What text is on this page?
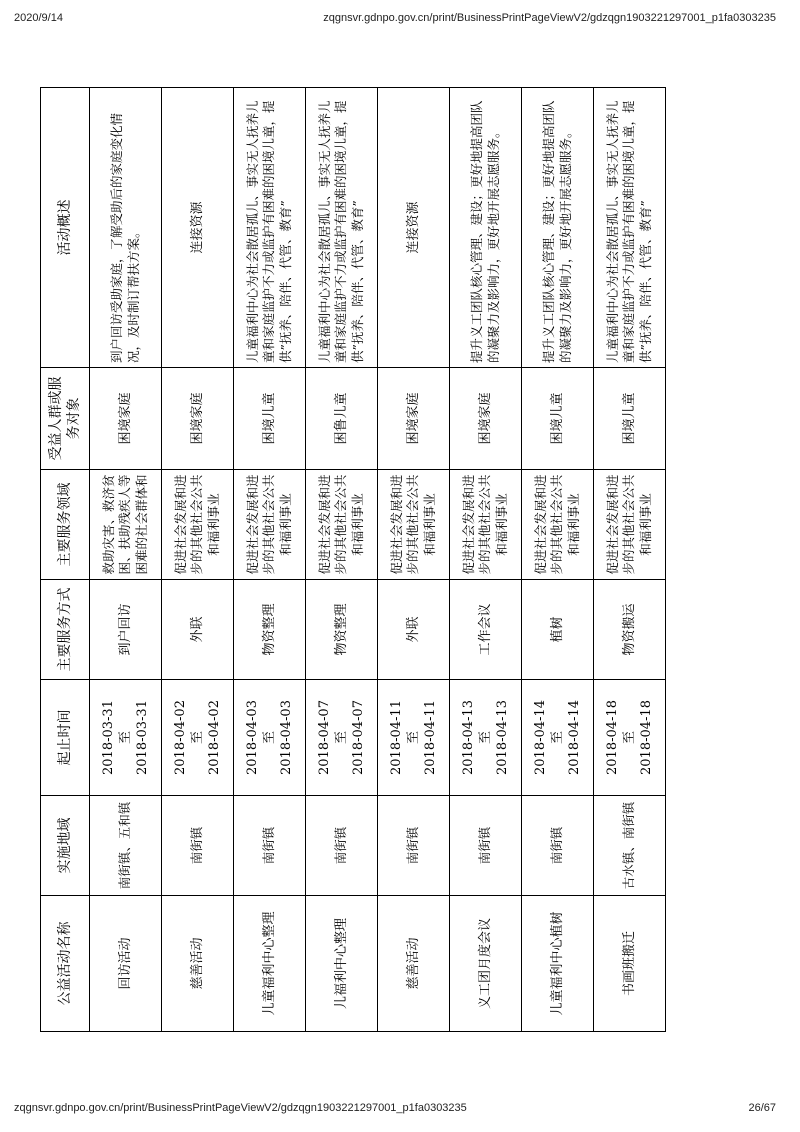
2020/9/14	zqgnsvr.gdnpo.gov.cn/print/BusinessPrintPageViewV2/gdzqgn1903221297001_p1fa0303235
公益活动名称	实施地域	起止时间	主要服务方式	主要服务领域	受益人群或服务对象	活动概述
回访活动	南街镇、五和镇	2018-03-31 至 2018-03-31	到户回访	救助灾害、救济贫困、扶助残疾人等困难的社会群体和	困境家庭	到户回访受助家庭，了解受助后的家庭变化情况，及时制订帮扶方案。
慈善活动	南街镇	2018-04-02 至 2018-04-02	外联	促进社会发展和进步的其他社会公共和福利事业	困境家庭	连接资源
儿童福利中心整理	南街镇	2018-04-03 至 2018-04-03	物资整理	促进社会发展和进步的其他社会公共和福利事业	困境儿童	儿童福利中心为社会散居孤儿、事实无人抚养儿童和家庭监护不力或监护有困难的困境儿童，提供”抚养、陪伴、代管、教育”
儿福利中心整理	南街镇	2018-04-07 至 2018-04-07	物资整理	促进社会发展和进步的其他社会公共和福利事业	困鲁儿童	儿童福利中心为社会散居孤儿、事实无人抚养儿童和家庭监护不力或监护有困难的困境儿童，提供”抚养、陪伴、代管、教育”
慈善活动	南街镇	2018-04-11 至 2018-04-11	外联	促进社会发展和进步的其他社会公共和福利事业	困境家庭	连接资源
义工团月度会议	南街镇	2018-04-13 至 2018-04-13	工作会议	促进社会发展和进步的其他社会公共和福利事业	困境家庭	提升义工团队核心管理、建设；更好地提高团队的凝聚力及影响力，更好地开展志愿服务。
儿童福利中心植树	南街镇	2018-04-14 至 2018-04-14	植树	促进社会发展和进步的其他社会公共和福利事业	困境儿童	提升义工团队核心管理、建设；更好地提高团队的凝聚力及影响力，更好地开展志愿服务。
书画班搬迁	古水镇、南街镇	2018-04-18 至 2018-04-18	物资搬运	促进社会发展和进步的其他社会公共和福利事业	困境儿童	儿童福利中心为社会散居孤儿、事实无人抚养儿童和家庭监护不力或监护有困难的困境儿童，提供”抚养、陪伴、代管、教育”
zqgnsvr.gdnpo.gov.cn/print/BusinessPrintPageViewV2/gdzqgn1903221297001_p1fa0303235	26/67
